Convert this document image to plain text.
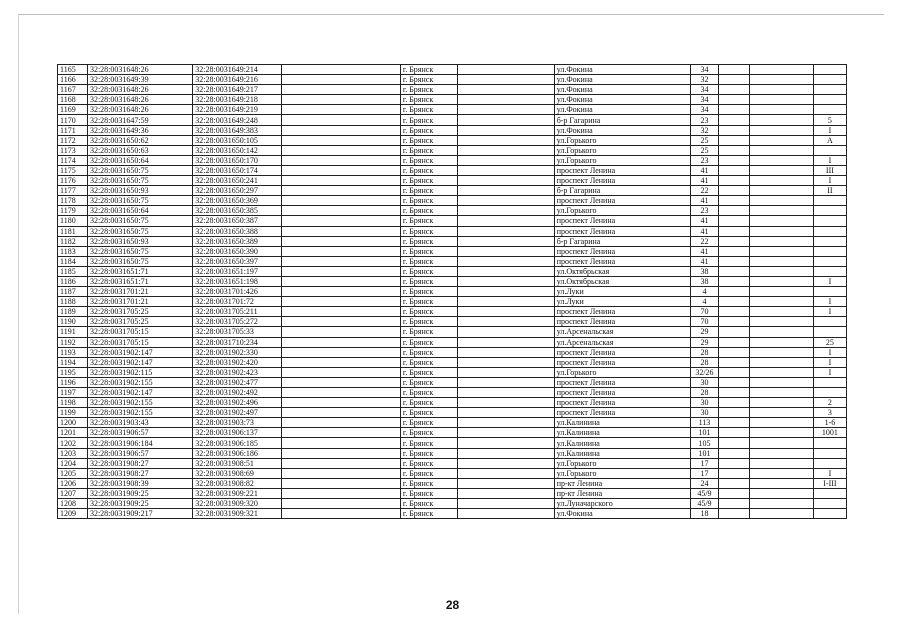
1165	32:28:0031648:26	32:28:0031649:214		г. Брянск		ул.Фокина	34			
1166	32:28:0031649:39	32:28:0031649:216		г. Брянск		ул.Фокина	32			
1167	32:28:0031648:26	32:28:0031649:217		г. Брянск		ул.Фокина	34			
1168	32:28:0031648:26	32:28:0031649:218		г. Брянск		ул.Фокина	34			
1169	32:28:0031648:26	32:28:0031649:219		г. Брянск		ул.Фокина	34			
1170	32:28:0031647:59	32:28:0031649:248		г. Брянск		б-р Гагарина	23			5
1171	32:28:0031649:36	32:28:0031649:383		г. Брянск		ул.Фокина	32			I
1172	32:28:0031650:62	32:28:0031650:105		г. Брянск		ул.Горького	25			А
1173	32:28:0031650:63	32:28:0031650:142		г. Брянск		ул.Горького	25			
1174	32:28:0031650:64	32:28:0031650:170		г. Брянск		ул.Горького	23			I
1175	32:28:0031650:75	32:28:0031650:174		г. Брянск		проспект Ленина	41			III
1176	32:28:0031650:75	32:28:0031650:241		г. Брянск		проспект Ленина	41			I
1177	32:28:0031650:93	32:28:0031650:297		г. Брянск		б-р Гагарина	22			II
1178	32:28:0031650:75	32:28:0031650:369		г. Брянск		проспект Ленина	41			
1179	32:28:0031650:64	32:28:0031650:385		г. Брянск		ул.Горького	23			
1180	32:28:0031650:75	32:28:0031650:387		г. Брянск		проспект Ленина	41			
1181	32:28:0031650:75	32:28:0031650:388		г. Брянск		проспект Ленина	41			
1182	32:28:0031650:93	32:28:0031650:389		г. Брянск		б-р Гагарина	22			
1183	32:28:0031650:75	32:28:0031650:390		г. Брянск		проспект Ленина	41			
1184	32:28:0031650:75	32:28:0031650:397		г. Брянск		проспект Ленина	41			
1185	32:28:0031651:71	32:28:0031651:197		г. Брянск		ул.Октябрьская	38			
1186	32:28:0031651:71	32:28:0031651:198		г. Брянск		ул.Октябрьская	38			I
1187	32:28:0031701:21	32:28:0031701:426		г. Брянск		ул.Луки	4			
1188	32:28:0031701:21	32:28:0031701:72		г. Брянск		ул.Луки	4			I
1189	32:28:0031705:25	32:28:0031705:211		г. Брянск		проспект Ленина	70			I
1190	32:28:0031705:25	32:28:0031705:272		г. Брянск		проспект Ленина	70			
1191	32:28:0031705:15	32:28:0031705:33		г. Брянск		ул.Арсенальская	29			
1192	32:28:0031705:15	32:28:0031710:234		г. Брянск		ул.Арсенальская	29			25
1193	32:28:0031902:147	32:28:0031902:330		г. Брянск		проспект Ленина	28			I
1194	32:28:0031902:147	32:28:0031902:420		г. Брянск		проспект Ленина	28			I
1195	32:28:0031902:115	32:28:0031902:423		г. Брянск		ул.Горького	32/26			I
1196	32:28:0031902:155	32:28:0031902:477		г. Брянск		проспект Ленина	30			
1197	32:28:0031902:147	32:28:0031902:492		г. Брянск		проспект Ленина	28			
1198	32:28:0031902:155	32:28:0031902:496		г. Брянск		проспект Ленина	30			2
1199	32:28:0031902:155	32:28:0031902:497		г. Брянск		проспект Ленина	30			3
1200	32:28:0031903:43	32:28:0031903:73		г. Брянск		ул.Калинина	113			1-6
1201	32:28:0031906:57	32:28:0031906:137		г. Брянск		ул.Калинина	101			1001
1202	32:28:0031906:184	32:28:0031906:185		г. Брянск		ул.Калинина	105			
1203	32:28:0031906:57	32:28:0031906:186		г. Брянск		ул.Калинина	101			
1204	32:28:0031908:27	32:28:0031908:51		г. Брянск		ул.Горького	17			
1205	32:28:0031908:27	32:28:0031908:69		г. Брянск		ул.Горького	17			I
1206	32:28:0031908:39	32:28:0031908:82		г. Брянск		пр-кт Ленина	24			I-III
1207	32:28:0031909:25	32:28:0031909:221		г. Брянск		пр-кт Ленина	45/9			
1208	32:28:0031909:25	32:28:0031909:320		г. Брянск		ул.Луначарского	45/9			
1209	32:28:0031909:217	32:28:0031909:321		г. Брянск		ул.Фокина	18			
28
